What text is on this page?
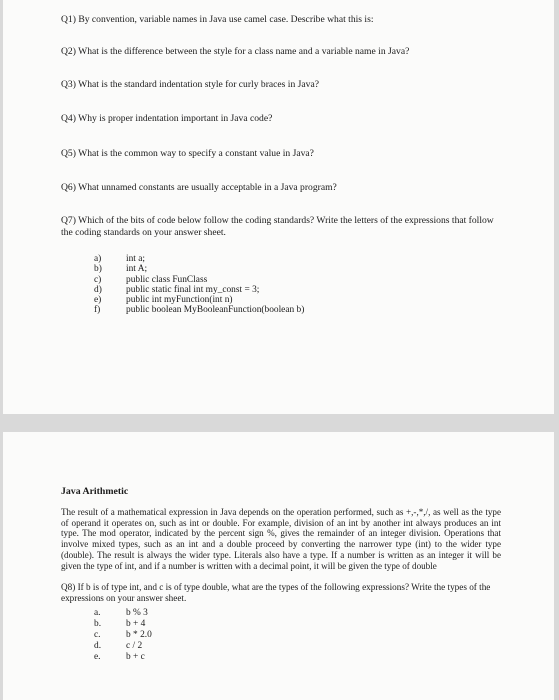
Q1) By convention, variable names in Java use camel case. Describe what this is:
Q2) What is the difference between the style for a class name and a variable name in Java?
Q3) What is the standard indentation style for curly braces in Java?
Q4) Why is proper indentation important in Java code?
Q5) What is the common way to specify a constant value in Java?
Q6) What unnamed constants are usually acceptable in a Java program?
Q7) Which of the bits of code below follow the coding standards? Write the letters of the expressions that follow the coding standards on your answer sheet.
a)	int a;
b)	int A;
c)	public class FunClass
d)	public static final int my_const = 3;
e)	public int myFunction(int n)
f)	public boolean MyBooleanFunction(boolean b)
Java Arithmetic
The result of a mathematical expression in Java depends on the operation performed, such as +,-,*,/, as well as the type of operand it operates on, such as int or double. For example, division of an int by another int always produces an int type. The mod operator, indicated by the percent sign %, gives the remainder of an integer division. Operations that involve mixed types, such as an int and a double proceed by converting the narrower type (int) to the wider type (double). The result is always the wider type. Literals also have a type. If a number is written as an integer it will be given the type of int, and if a number is written with a decimal point, it will be given the type of double
Q8) If b is of type int, and c is of type double, what are the types of the following expressions? Write the types of the expressions on your answer sheet.
a.	b % 3
b.	b + 4
c.	b * 2.0
d.	c / 2
e.	b + c
